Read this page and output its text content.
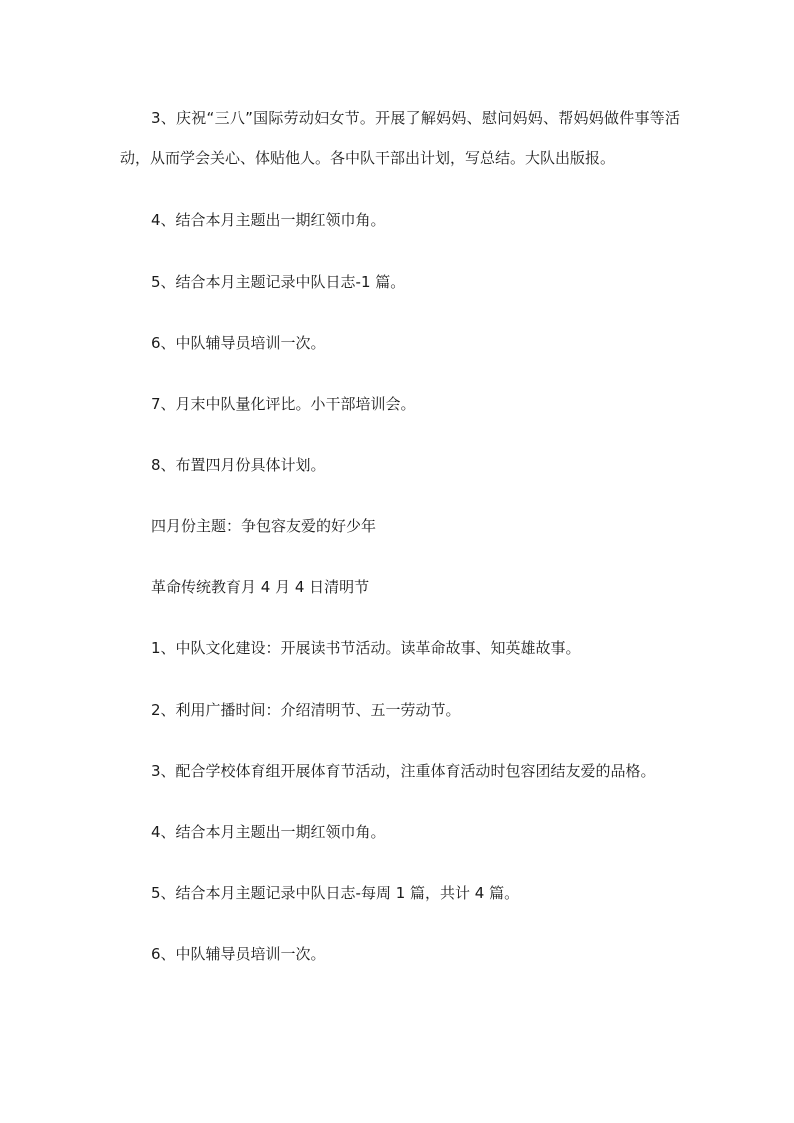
3、庆祝“三八”国际劳动妇女节。开展了解妈妈、慰问妈妈、帮妈妈做件事等活动，从而学会关心、体贴他人。各中队干部出计划，写总结。大队出版报。

4、结合本月主题出一期红领巾角。

5、结合本月主题记录中队日志-1 篇。

6、中队辅导员培训一次。

7、月末中队量化评比。小干部培训会。

8、布置四月份具体计划。

四月份主题：争包容友爱的好少年

革命传统教育月 4 月 4 日清明节

1、中队文化建设：开展读书节活动。读革命故事、知英雄故事。

2、利用广播时间：介绍清明节、五一劳动节。

3、配合学校体育组开展体育节活动，注重体育活动时包容团结友爱的品格。

4、结合本月主题出一期红领巾角。

5、结合本月主题记录中队日志-每周 1 篇，共计 4 篇。

6、中队辅导员培训一次。
